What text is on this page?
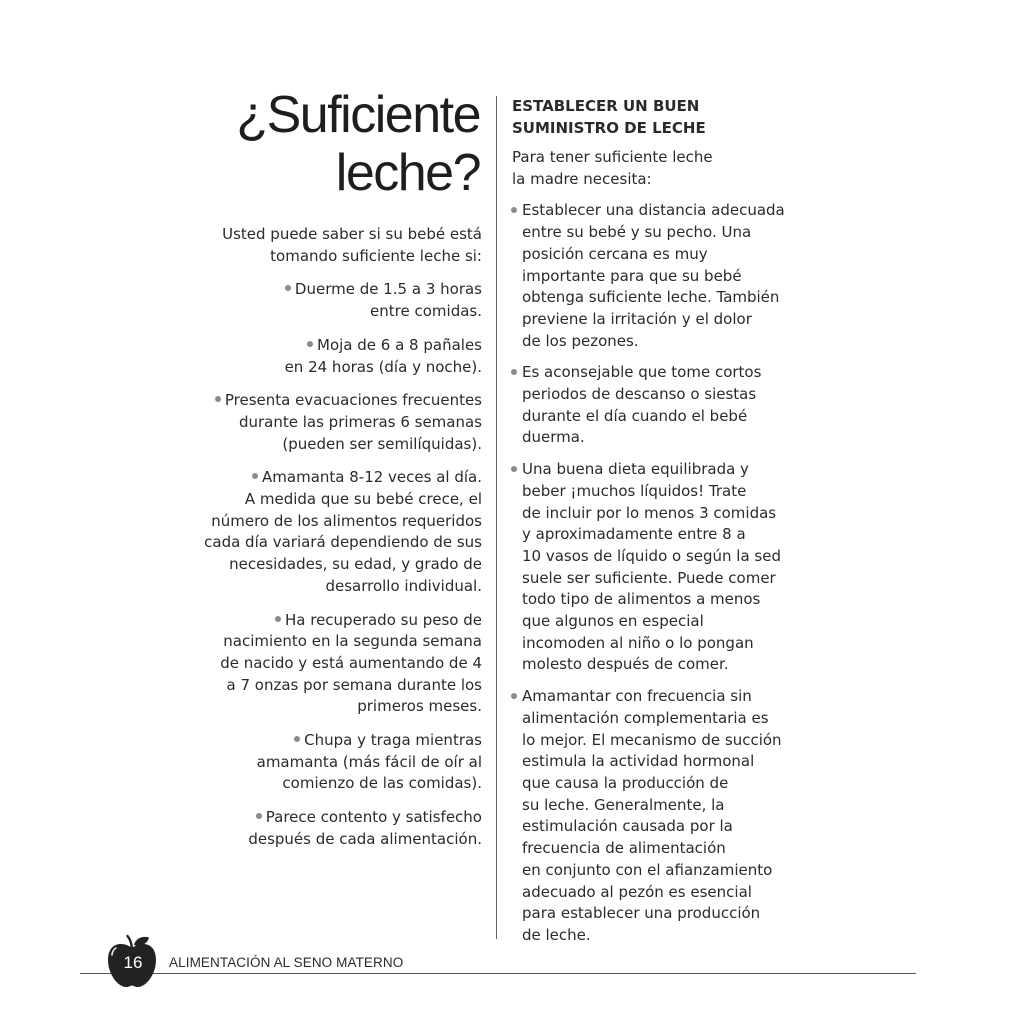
¿Suficiente
leche?

Usted puede saber si su bebé está
tomando suficiente leche si:

Duerme de 1.5 a 3 horas
entre comidas.

Moja de 6 a 8 pañales
en 24 horas (día y noche).

Presenta evacuaciones frecuentes
durante las primeras 6 semanas
(pueden ser semilíquidas).

Amamanta 8-12 veces al día.
A medida que su bebé crece, el
número de los alimentos requeridos
cada día variará dependiendo de sus
necesidades, su edad, y grado de
desarrollo individual.

Ha recuperado su peso de
nacimiento en la segunda semana
de nacido y está aumentando de 4
a 7 onzas por semana durante los
primeros meses.

Chupa y traga mientras
amamanta (más fácil de oír al
comienzo de las comidas).

Parece contento y satisfecho
después de cada alimentación.

ESTABLECER UN BUEN
SUMINISTRO DE LECHE

Para tener suficiente leche
la madre necesita:

Establecer una distancia adecuada
entre su bebé y su pecho. Una
posición cercana es muy
importante para que su bebé
obtenga suficiente leche. También
previene la irritación y el dolor
de los pezones.
Es aconsejable que tome cortos
periodos de descanso o siestas
durante el día cuando el bebé
duerma.
Una buena dieta equilibrada y
beber ¡muchos líquidos! Trate
de incluir por lo menos 3 comidas
y aproximadamente entre 8 a
10 vasos de líquido o según la sed
suele ser suficiente. Puede comer
todo tipo de alimentos a menos
que algunos en especial
incomoden al niño o lo pongan
molesto después de comer.
Amamantar con frecuencia sin
alimentación complementaria es
lo mejor. El mecanismo de succión
estimula la actividad hormonal
que causa la producción de
su leche. Generalmente, la
estimulación causada por la
frecuencia de alimentación
en conjunto con el afianzamiento
adecuado al pezón es esencial
para establecer una producción
de leche.
16	ALIMENTACIÓN AL SENO MATERNO
